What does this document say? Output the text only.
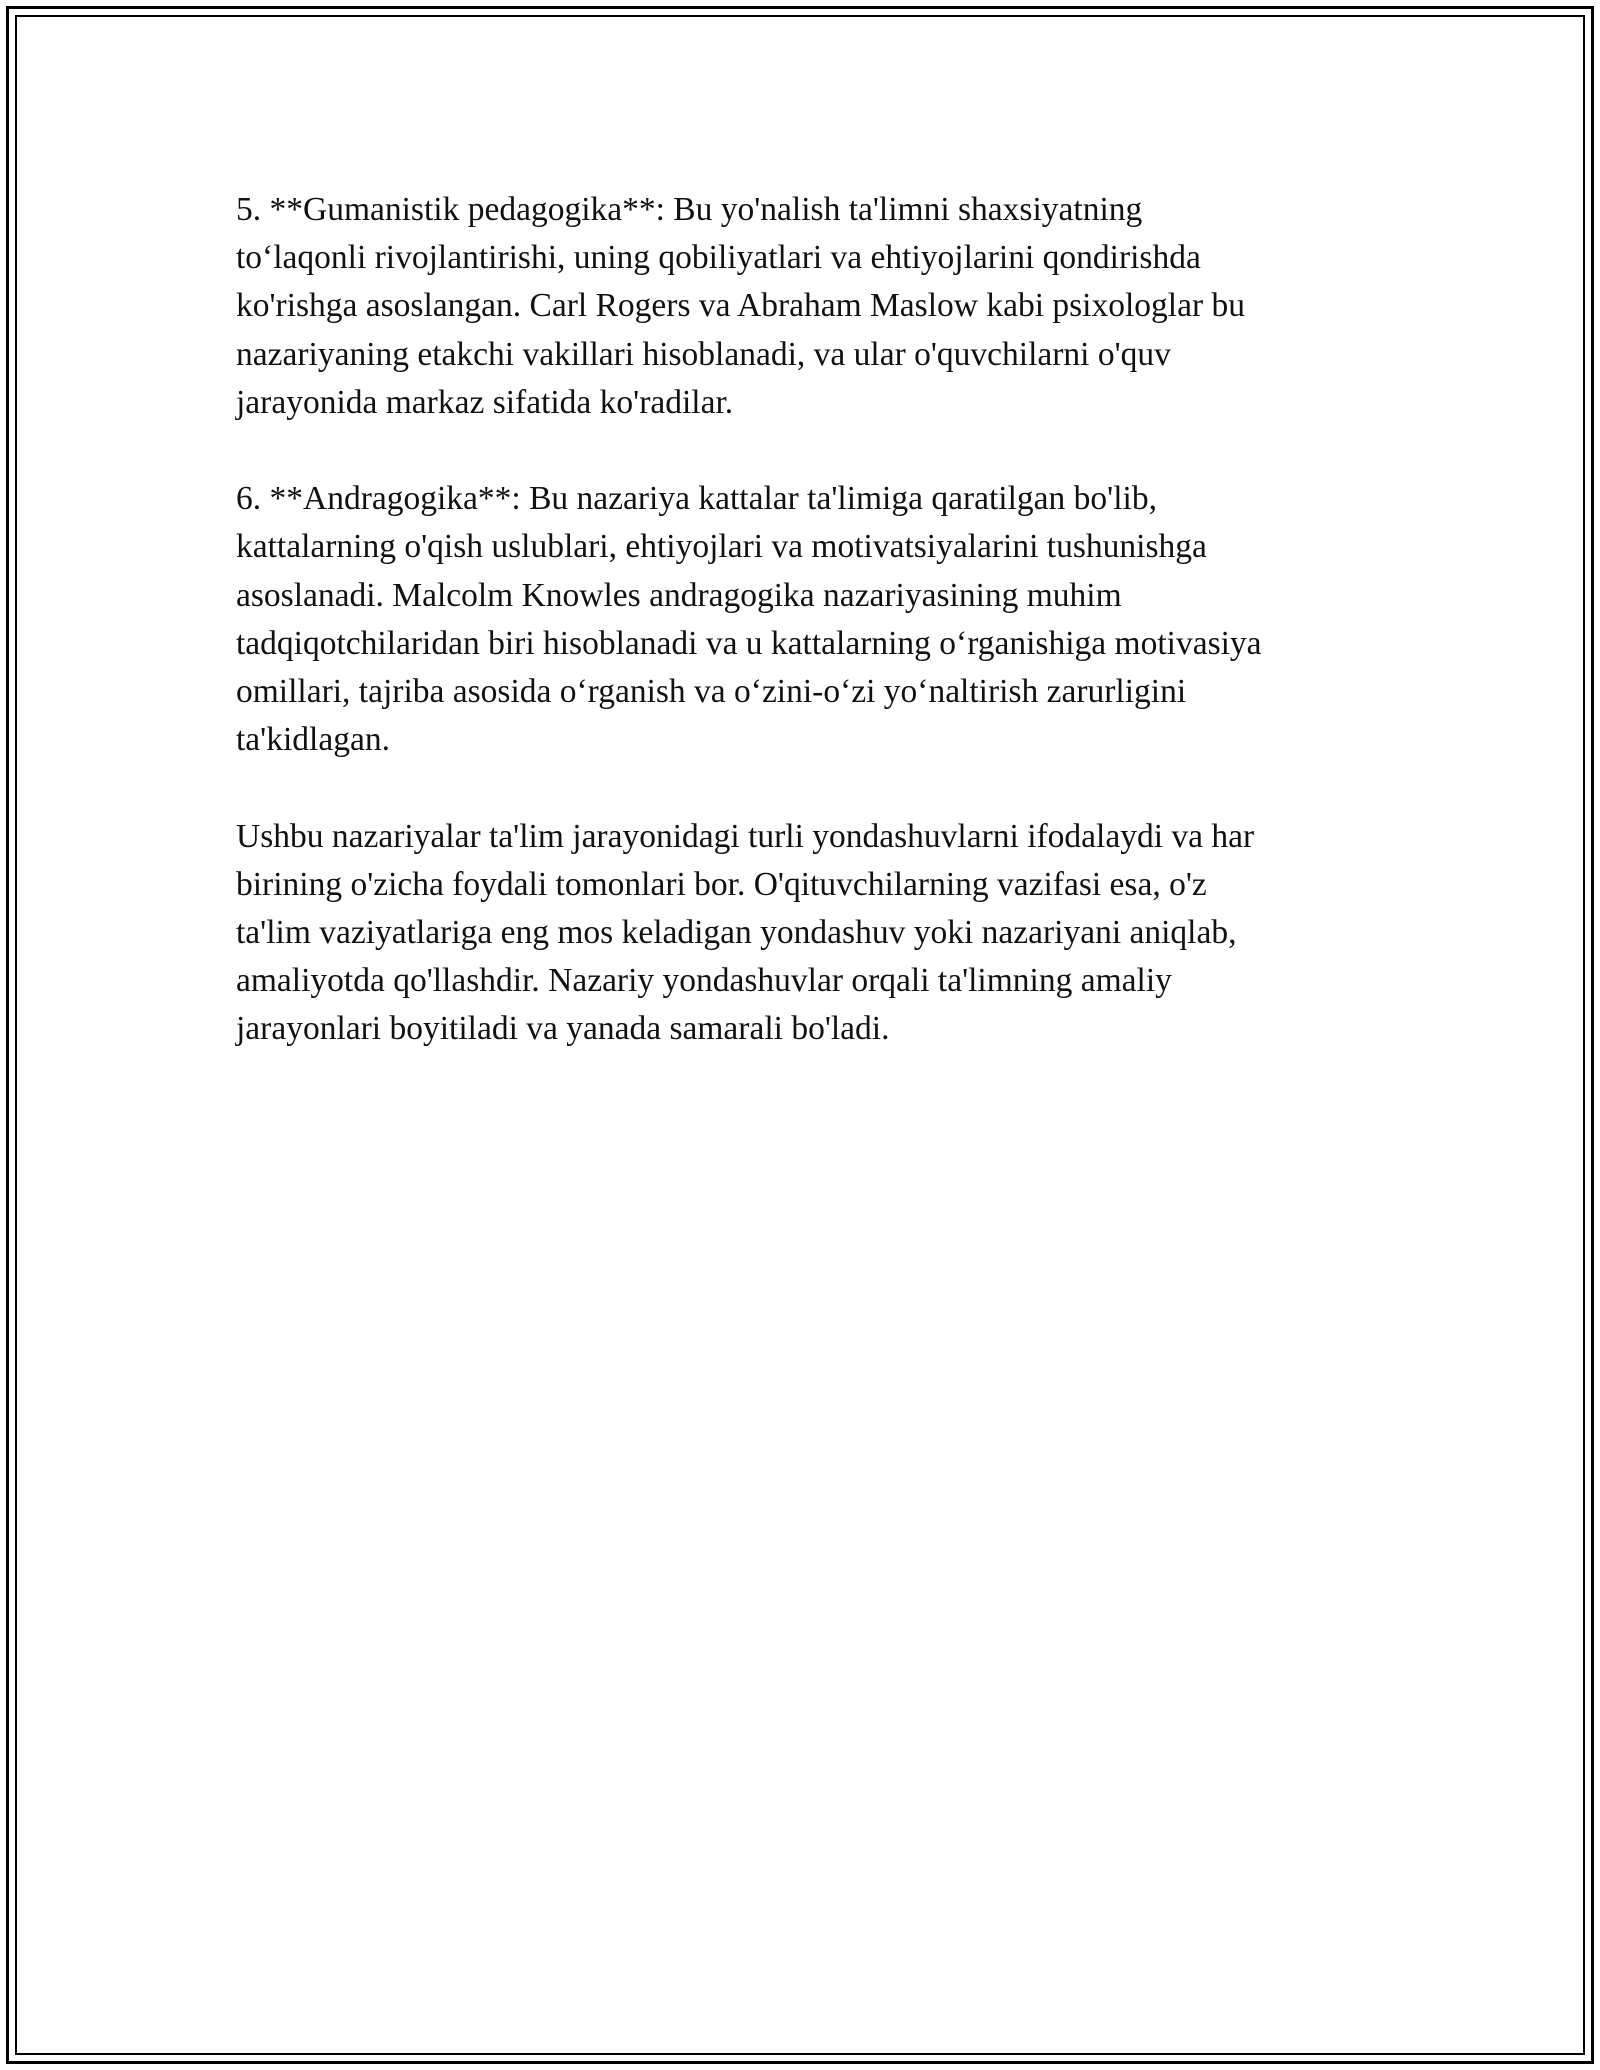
5. **Gumanistik pedagogika**: Bu yo'nalish ta'limni shaxsiyatning
to‘laqonli rivojlantirishi, uning qobiliyatlari va ehtiyojlarini qondirishda
ko'rishga asoslangan. Carl Rogers va Abraham Maslow kabi psixologlar bu
nazariyaning etakchi vakillari hisoblanadi, va ular o'quvchilarni o'quv
jarayonida markaz sifatida ko'radilar.

6. **Andragogika**: Bu nazariya kattalar ta'limiga qaratilgan bo'lib,
kattalarning o'qish uslublari, ehtiyojlari va motivatsiyalarini tushunishga
asoslanadi. Malcolm Knowles andragogika nazariyasining muhim
tadqiqotchilaridan biri hisoblanadi va u kattalarning o‘rganishiga motivasiya
omillari, tajriba asosida o‘rganish va o‘zini-o‘zi yo‘naltirish zarurligini
ta'kidlagan.

Ushbu nazariyalar ta'lim jarayonidagi turli yondashuvlarni ifodalaydi va har
birining o'zicha foydali tomonlari bor. O'qituvchilarning vazifasi esa, o'z
ta'lim vaziyatlariga eng mos keladigan yondashuv yoki nazariyani aniqlab,
amaliyotda qo'llashdir. Nazariy yondashuvlar orqali ta'limning amaliy
jarayonlari boyitiladi va yanada samarali bo'ladi.
